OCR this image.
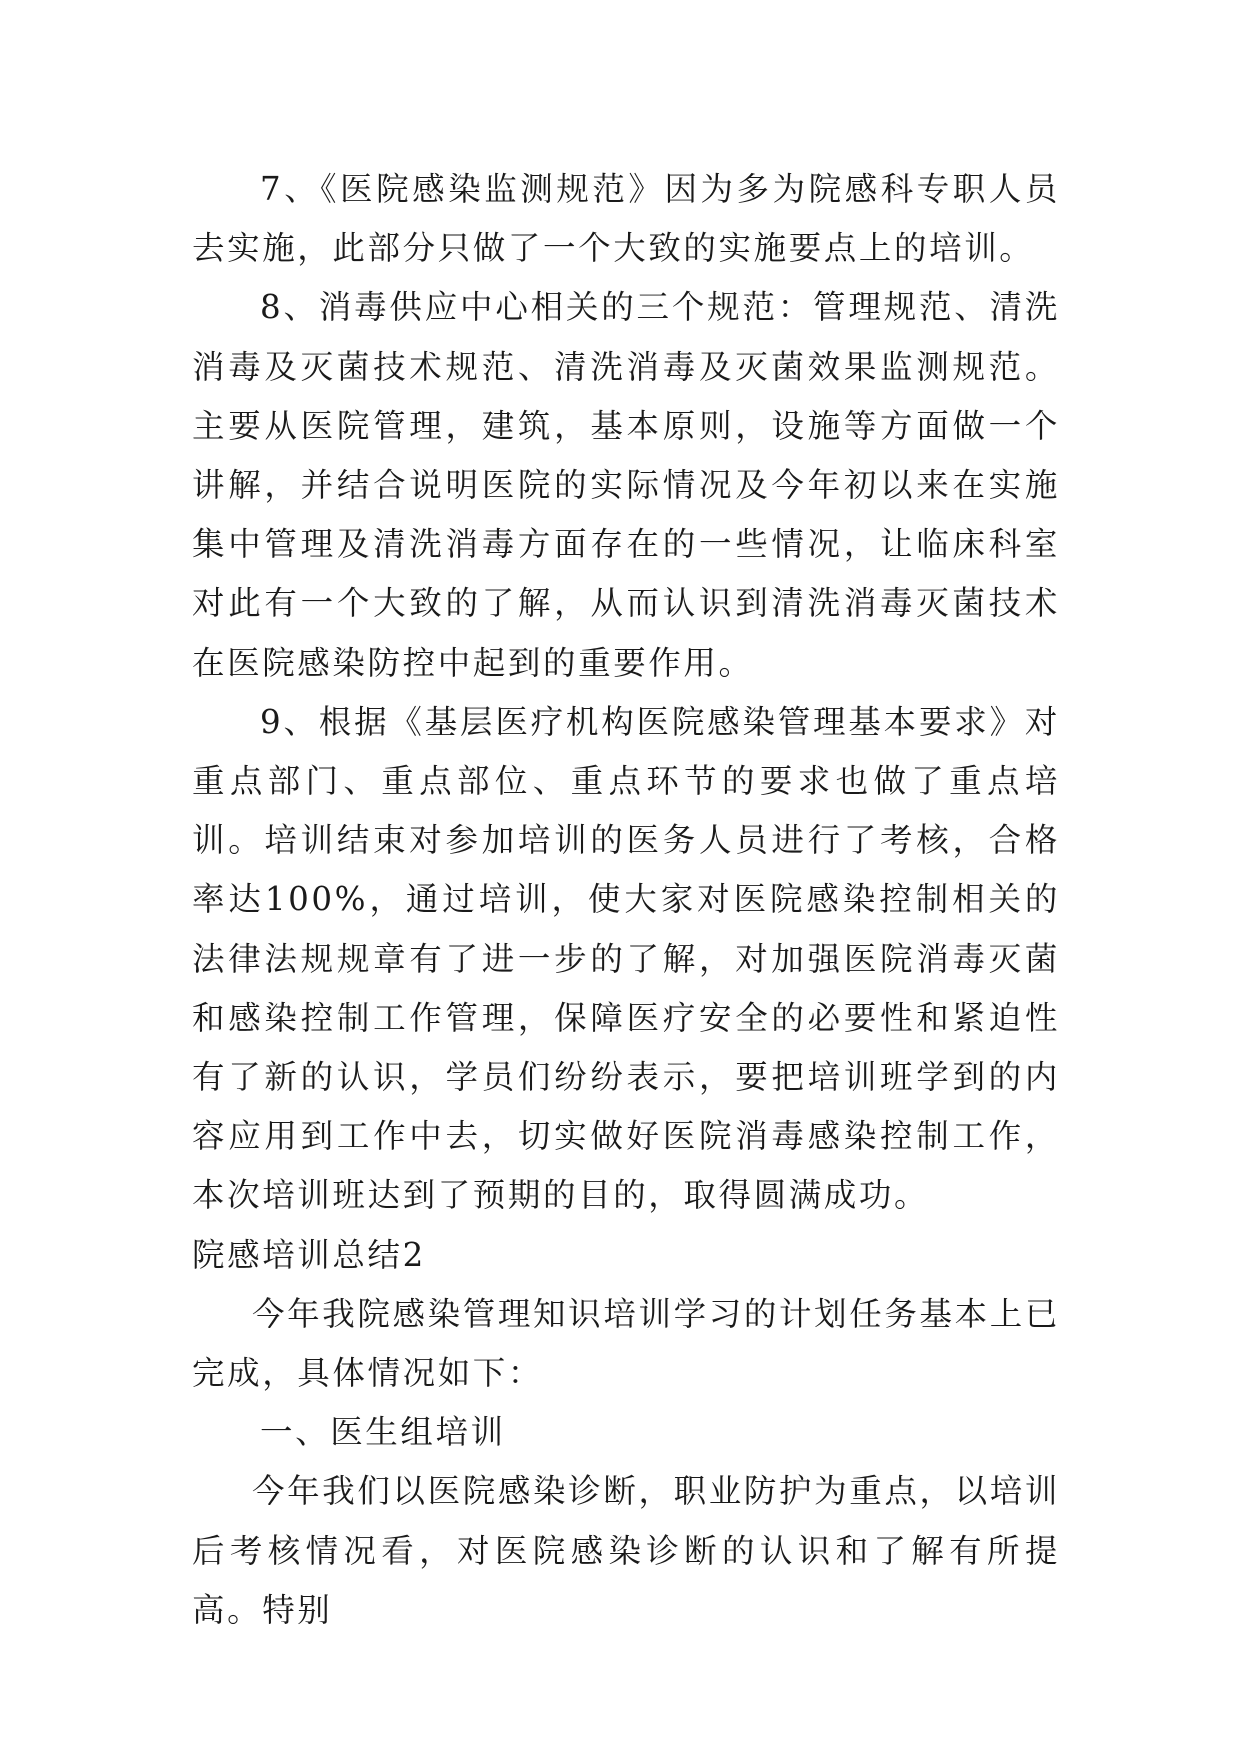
7、《医院感染监测规范》因为多为院感科专职人员去实施，此部分只做了一个大致的实施要点上的培训。

8、消毒供应中心相关的三个规范：管理规范、清洗消毒及灭菌技术规范、清洗消毒及灭菌效果监测规范。主要从医院管理，建筑，基本原则，设施等方面做一个讲解，并结合说明医院的实际情况及今年初以来在实施集中管理及清洗消毒方面存在的一些情况，让临床科室对此有一个大致的了解，从而认识到清洗消毒灭菌技术在医院感染防控中起到的重要作用。

9、根据《基层医疗机构医院感染管理基本要求》对重点部门、重点部位、重点环节的要求也做了重点培训。培训结束对参加培训的医务人员进行了考核，合格率达100%，通过培训，使大家对医院感染控制相关的法律法规规章有了进一步的了解，对加强医院消毒灭菌和感染控制工作管理，保障医疗安全的必要性和紧迫性有了新的认识，学员们纷纷表示，要把培训班学到的内容应用到工作中去，切实做好医院消毒感染控制工作，本次培训班达到了预期的目的，取得圆满成功。

院感培训总结2

今年我院感染管理知识培训学习的计划任务基本上已完成，具体情况如下：

一、医生组培训

今年我们以医院感染诊断，职业防护为重点，以培训后考核情况看，对医院感染诊断的认识和了解有所提高。特别
